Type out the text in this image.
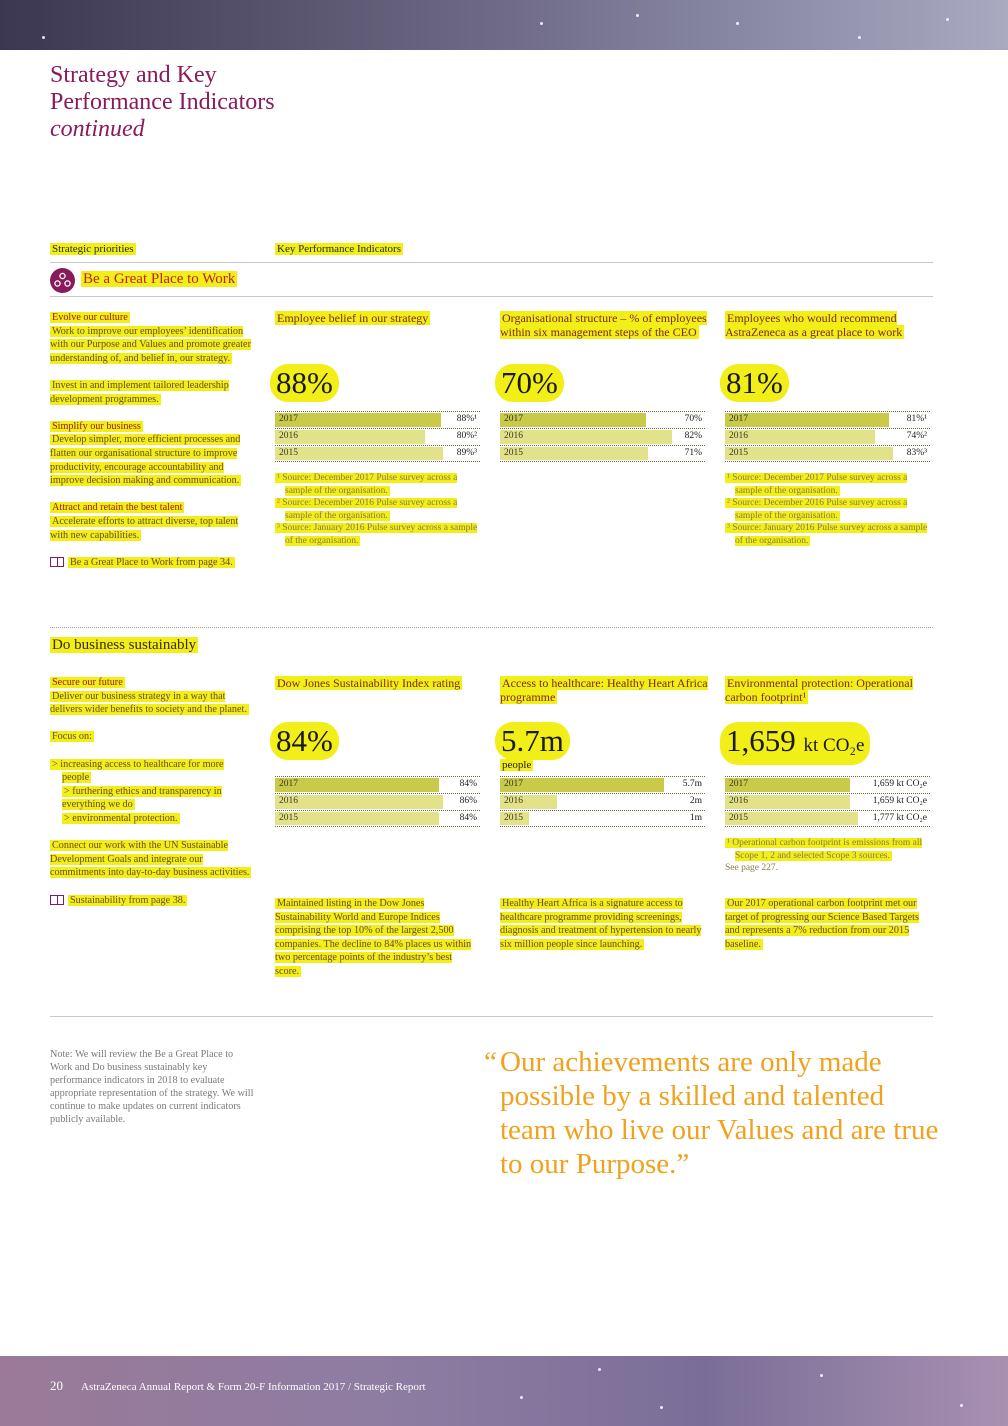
Strategy and Key
Performance Indicators
continued
Strategic priorities	Key Performance Indicators
Be a Great Place to Work

Evolve our culture
Work to improve our employees’ identification with our Purpose and Values and promote greater understanding of, and belief in, our strategy.

Invest in and implement tailored leadership development programmes.

Simplify our business
Develop simpler, more efficient processes and flatten our organisational structure to improve productivity, encourage accountability and improve decision making and communication.

Attract and retain the best talent
Accelerate efforts to attract diverse, top talent with new capabilities.

Be a Great Place to Work from page 34.

Employee belief in our strategy
88%
2017	88%¹
2016	80%²
2015	89%³
¹ Source: December 2017 Pulse survey across a sample of the organisation.
² Source: December 2016 Pulse survey across a sample of the organisation.
³ Source: January 2016 Pulse survey across a sample of the organisation.
Organisational structure – % of employees within six management steps of the CEO
70%
2017	70%
2016	82%
2015	71%
Employees who would recommend AstraZeneca as a great place to work
81%
2017	81%¹
2016	74%²
2015	83%³
¹ Source: December 2017 Pulse survey across a sample of the organisation.
² Source: December 2016 Pulse survey across a sample of the organisation.
³ Source: January 2016 Pulse survey across a sample of the organisation.
Do business sustainably

Secure our future
Deliver our business strategy in a way that delivers wider benefits to society and the planet.

Focus on:

> increasing access to healthcare for more people
> furthering ethics and transparency in everything we do
> environmental protection.

Connect our work with the UN Sustainable Development Goals and integrate our commitments into day-to-day business activities.

Sustainability from page 38.

Dow Jones Sustainability Index rating
84%
2017	84%
2016	86%
2015	84%
Maintained listing in the Dow Jones Sustainability World and Europe Indices comprising the top 10% of the largest 2,500 companies. The decline to 84% places us within two percentage points of the industry’s best score.
Access to healthcare: Healthy Heart Africa programme
5.7m
people
2017	5.7m
2016	2m
2015	1m
Healthy Heart Africa is a signature access to healthcare programme providing screenings, diagnosis and treatment of hypertension to nearly six million people since launching.
Environmental protection: Operational carbon footprint¹
1,659 kt CO₂e
2017	1,659 kt CO₂e
2016	1,659 kt CO₂e
2015	1,777 kt CO₂e
¹ Operational carbon footprint is emissions from all Scope 1, 2 and selected Scope 3 sources.
See page 227.
Our 2017 operational carbon footprint met our target of progressing our Science Based Targets and represents a 7% reduction from our 2015 baseline.
Note: We will review the Be a Great Place to Work and Do business sustainably key performance indicators in 2018 to evaluate appropriate representation of the strategy. We will continue to make updates on current indicators publicly available.
“ Our achievements are only made possible by a skilled and talented team who live our Values and are true to our Purpose.”
20 AstraZeneca Annual Report & Form 20-F Information 2017 / Strategic Report
